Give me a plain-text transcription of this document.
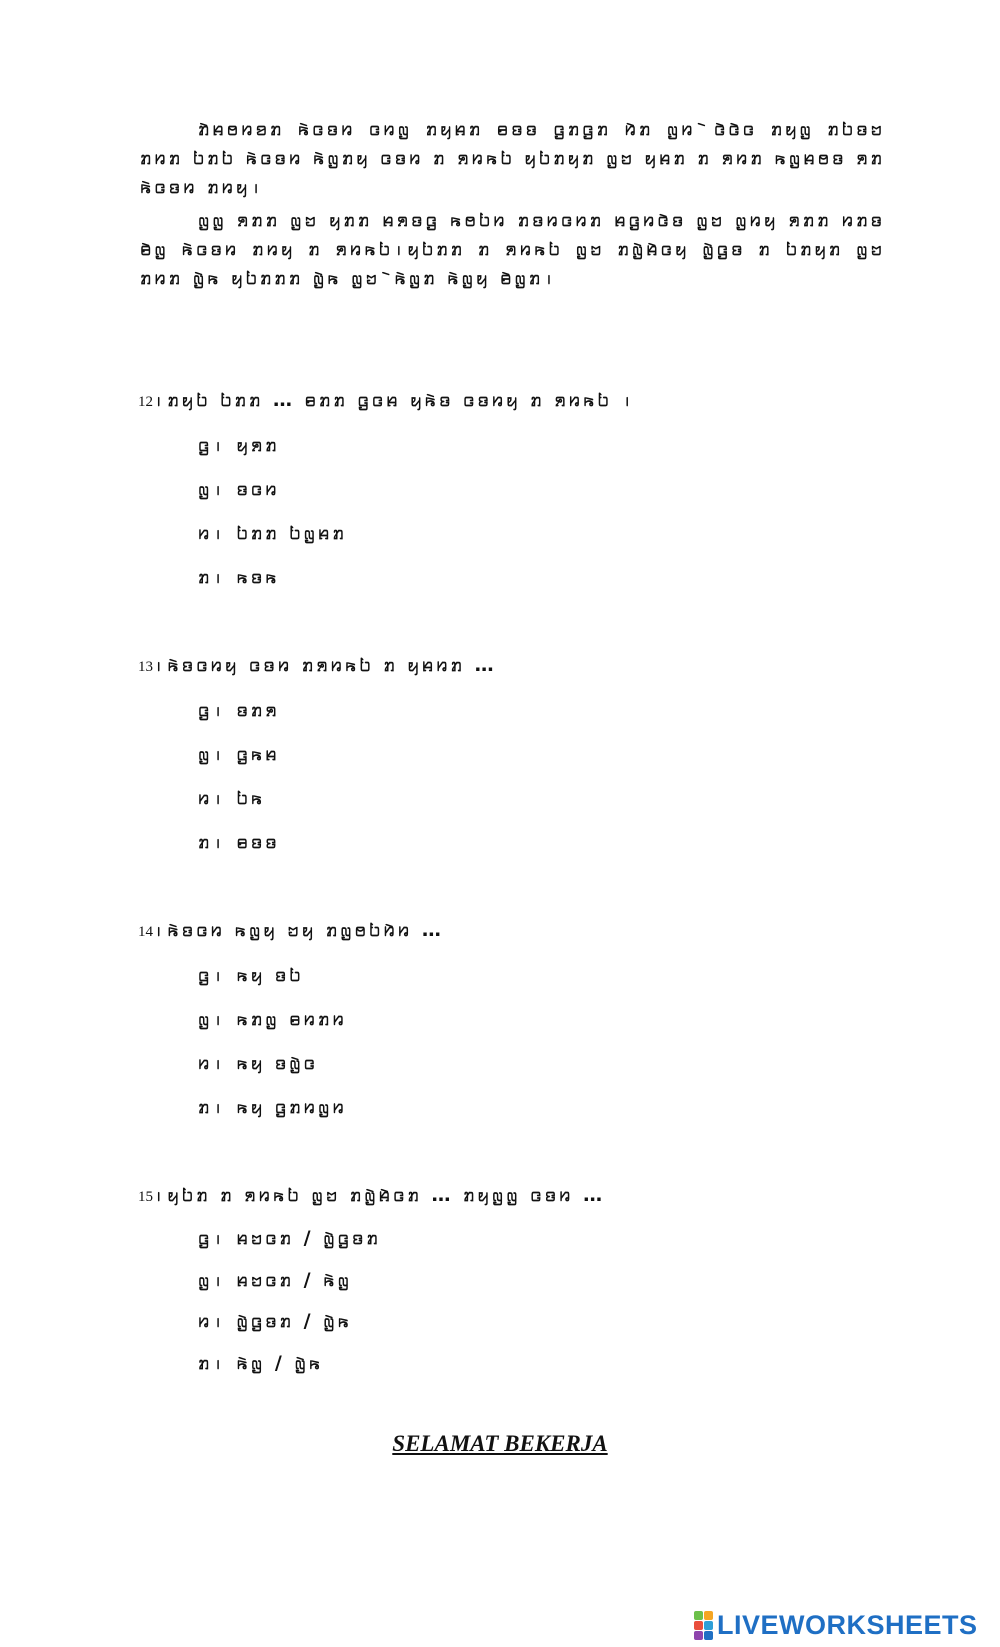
ꤊꤧꤌꤥꤙꤤꤊ ꤒꤧꤍꤢꤙ ꤍꤙꤜ ꤊꤟꤌꤊ ꤋꤢꤢ ꤞꤊꤞꤊ ꤙꤧꤊ ꤜꤙ ꤧꤍꤧꤍꤧꤍ ꤊꤟꤜ ꤊꤝꤢꤠ ꤊꤙꤊ ꤝꤊꤝ ꤒꤧꤍꤢꤙ ꤒꤧꤜꤊꤟ ꤍꤢꤙ ꤊ ꤎꤙꤒꤝ ꤟꤝꤊꤟꤊ ꤜꤠ ꤟꤌꤊ ꤊ ꤎꤙꤊ ꤒꤜꤌꤥꤢ ꤎꤊ ꤒꤧꤍꤢꤙ ꤊꤙꤟ꤯
ꤜꤜ ꤎꤊꤊ ꤜꤠ ꤟꤊꤊ ꤌꤎꤢꤞ ꤒꤥꤝꤙ ꤊꤢꤙꤍꤙꤊ ꤌꤞꤙꤍꤧꤢ ꤜꤠ ꤜꤙꤟ ꤎꤊꤊ ꤙꤊꤢ ꤋꤧꤜ ꤒꤧꤍꤢꤙ ꤊꤙꤟ ꤊ ꤎꤙꤒꤝ꤯ꤟꤝꤊꤊ ꤊ ꤎꤙꤒꤝ ꤜꤠ ꤊꤜꤧꤌꤧꤍꤟ ꤜꤧꤞꤢ ꤊ ꤝꤊꤟꤊ ꤜꤠ ꤊꤙꤊ ꤜꤧꤒ ꤟꤝꤊꤊꤊ ꤜꤧꤒ ꤜꤠ ꤧꤒꤧꤜꤊ ꤒꤧꤜꤟ ꤋꤧꤜꤊ꤯
12꤯ꤊꤟꤝ ꤝꤊꤊ … ꤋꤊꤊ ꤞꤍꤌ ꤟꤒꤧꤢ ꤍꤢꤙꤟ ꤊ ꤎꤙꤒꤝ ꤯
ꤞ꤯ ꤟꤎꤊ
ꤜ꤯ ꤢꤍꤙ
ꤙ꤯ ꤝꤊꤊ ꤝꤜꤌꤊ
ꤊ꤯ ꤒꤢꤒ
13꤯ꤒꤧꤢꤍꤙꤟ ꤍꤢꤙ ꤊꤎꤙꤒꤝ ꤊ ꤟꤌꤙꤊ …
ꤞ꤯ ꤢꤊꤎ
ꤜ꤯ ꤞꤒꤌ
ꤙ꤯ ꤝꤒ
ꤊ꤯ ꤋꤢꤢ
14꤯ꤒꤧꤢꤍꤙ ꤒꤜꤟ ꤠꤟ ꤊꤜꤥꤝꤙꤧꤙ …
ꤞ꤯ ꤒꤟ ꤢꤝ
ꤜ꤯ ꤒꤊꤜ ꤋꤙꤊꤙ
ꤙ꤯ ꤒꤟ ꤢꤜꤧꤍ
ꤊ꤯ ꤒꤟ ꤞꤊꤙꤜꤙ
15꤯ꤟꤝꤊ ꤊ ꤎꤙꤒꤝ ꤜꤠ ꤊꤜꤧꤌꤧꤍꤊ … ꤊꤟꤜꤜ ꤍꤢꤙ …
ꤞ꤯ ꤌꤠꤍꤊ / ꤜꤧꤞꤢꤊ
ꤜ꤯ ꤌꤠꤍꤊ / ꤒꤧꤜ
ꤙ꤯ ꤜꤧꤞꤢꤊ / ꤜꤧꤒ
ꤊ꤯ ꤒꤧꤜ / ꤜꤧꤒ
SELAMAT BEKERJA
LIVEWORKSHEETS
